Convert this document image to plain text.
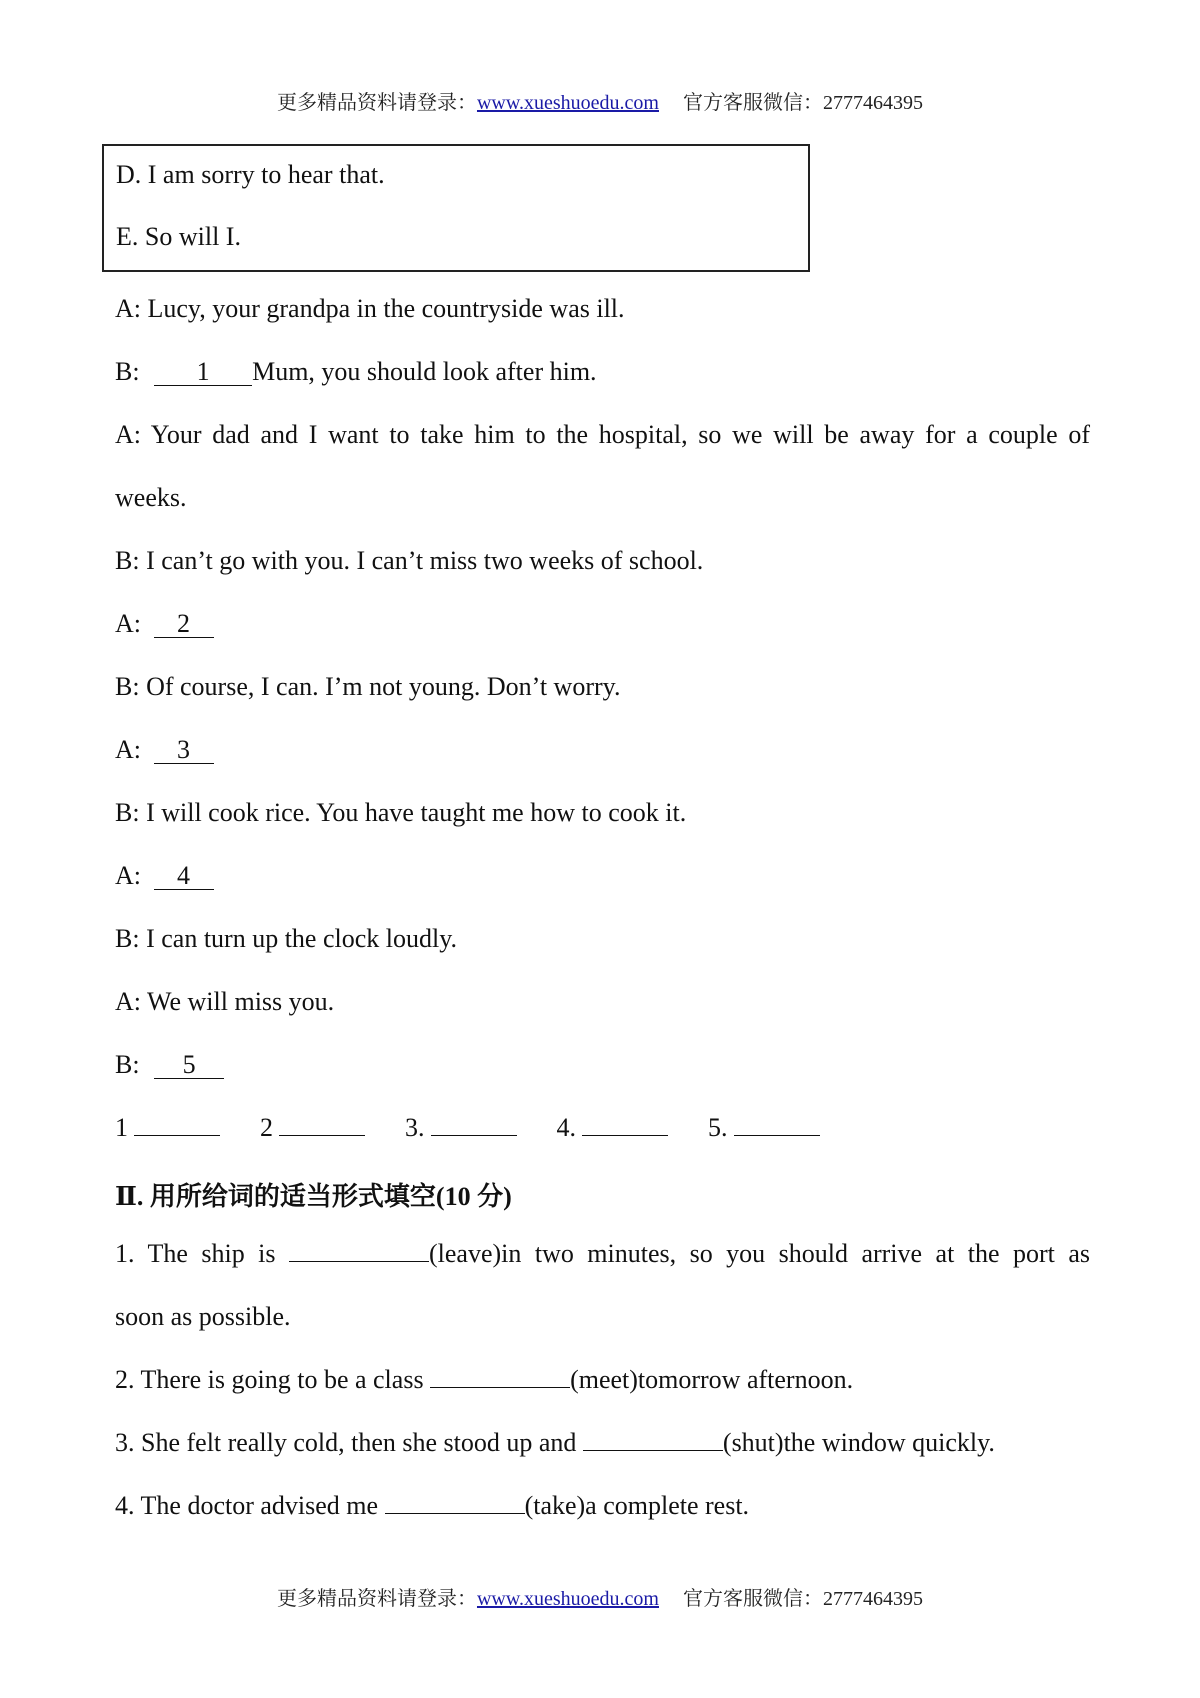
更多精品资料请登录：www.xueshuoedu.com 官方客服微信：2777464395
D. I am sorry to hear that.
E. So will I.
A: Lucy, your grandpa in the countryside was ill.
B: 1 Mum, you should look after him.
A: Your dad and I want to take him to the hospital, so we will be away for a couple of
weeks.
B: I can’t go with you. I can’t miss two weeks of school.
A: 2
B: Of course, I can. I’m not young. Don’t worry.
A: 3
B: I will cook rice. You have taught me how to cook it.
A: 4
B: I can turn up the clock loudly.
A: We will miss you.
B: 5
1	2	3.	4.	5.
Ⅱ. 用所给词的适当形式填空(10 分)
1. The ship is	(leave)in two minutes, so you should arrive at the port as
soon as possible.
2. There is going to be a class	(meet)tomorrow afternoon.
3. She felt really cold, then she stood up and	(shut)the window quickly.
4. The doctor advised me	(take)a complete rest.
更多精品资料请登录：www.xueshuoedu.com 官方客服微信：2777464395
